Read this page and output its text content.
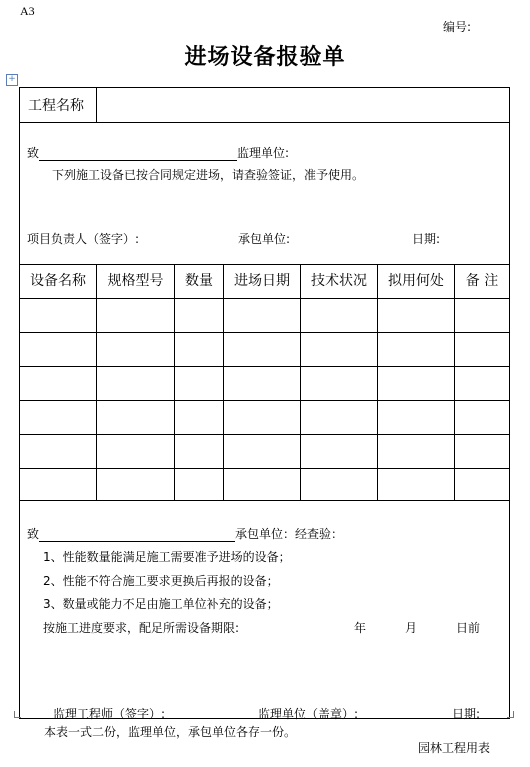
A3
编号:
进场设备报验单
+
工程名称
致	监理单位:
下列施工设备已按合同规定进场，请查验签证，准予使用。
项目负责人（签字）:	承包单位:	日期:
设备名称	规格型号	数量	进场日期	技术状况	拟用何处	备 注
致	承包单位：经查验：
1、性能数量能满足施工需要准予进场的设备；
2、性能不符合施工要求更换后再报的设备；
3、数量或能力不足由施工单位补充的设备；
按施工进度要求，配足所需设备期限:	年	月	日前
监理工程师（签字）:	监理单位（盖章）:	日期:
本表一式二份，监理单位，承包单位各存一份。
园林工程用表
